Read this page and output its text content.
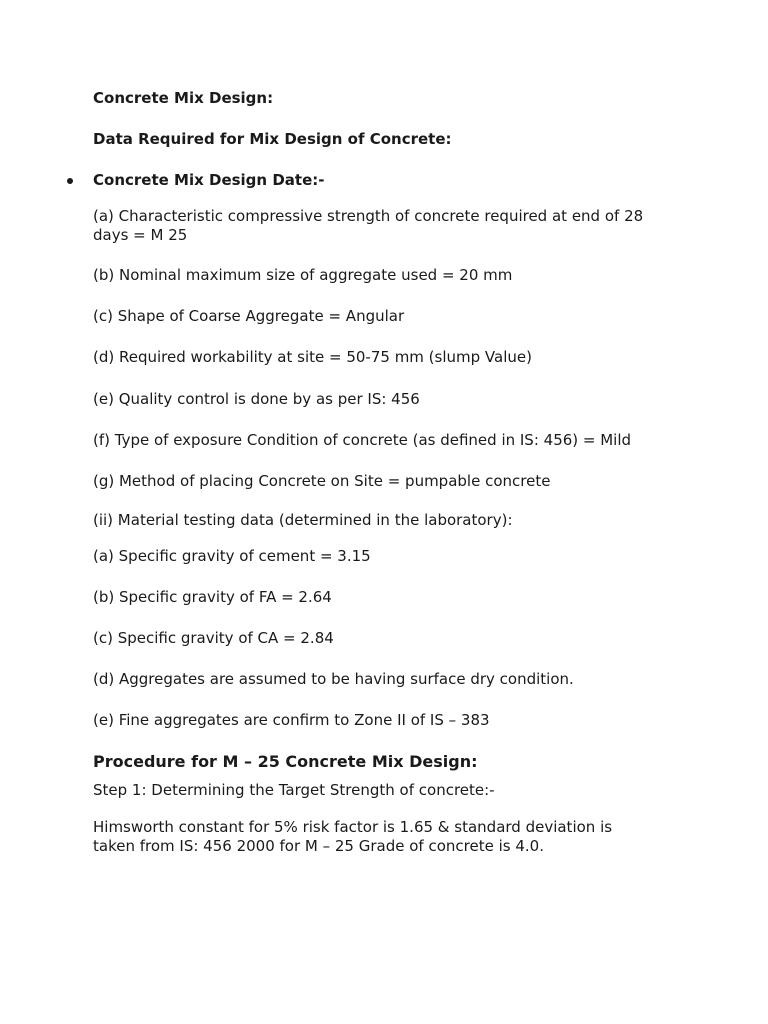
Concrete Mix Design:

Data Required for Mix Design of Concrete:

Concrete Mix Design Date:-

(a) Characteristic compressive strength of concrete required at end of 28 days = M 25

(b) Nominal maximum size of aggregate used = 20 mm

(c) Shape of Coarse Aggregate = Angular

(d) Required workability at site = 50-75 mm (slump Value)

(e) Quality control is done by as per IS: 456

(f) Type of exposure Condition of concrete (as defined in IS: 456) = Mild

(g) Method of placing Concrete on Site = pumpable concrete

(ii) Material testing data (determined in the laboratory):

(a) Specific gravity of cement = 3.15

(b) Specific gravity of FA = 2.64

(c) Specific gravity of CA = 2.84

(d) Aggregates are assumed to be having surface dry condition.

(e) Fine aggregates are confirm to Zone II of IS – 383

Procedure for M – 25 Concrete Mix Design:

Step 1: Determining the Target Strength of concrete:-

Himsworth constant for 5% risk factor is 1.65 & standard deviation is taken from IS: 456 2000 for M – 25 Grade of concrete is 4.0.
